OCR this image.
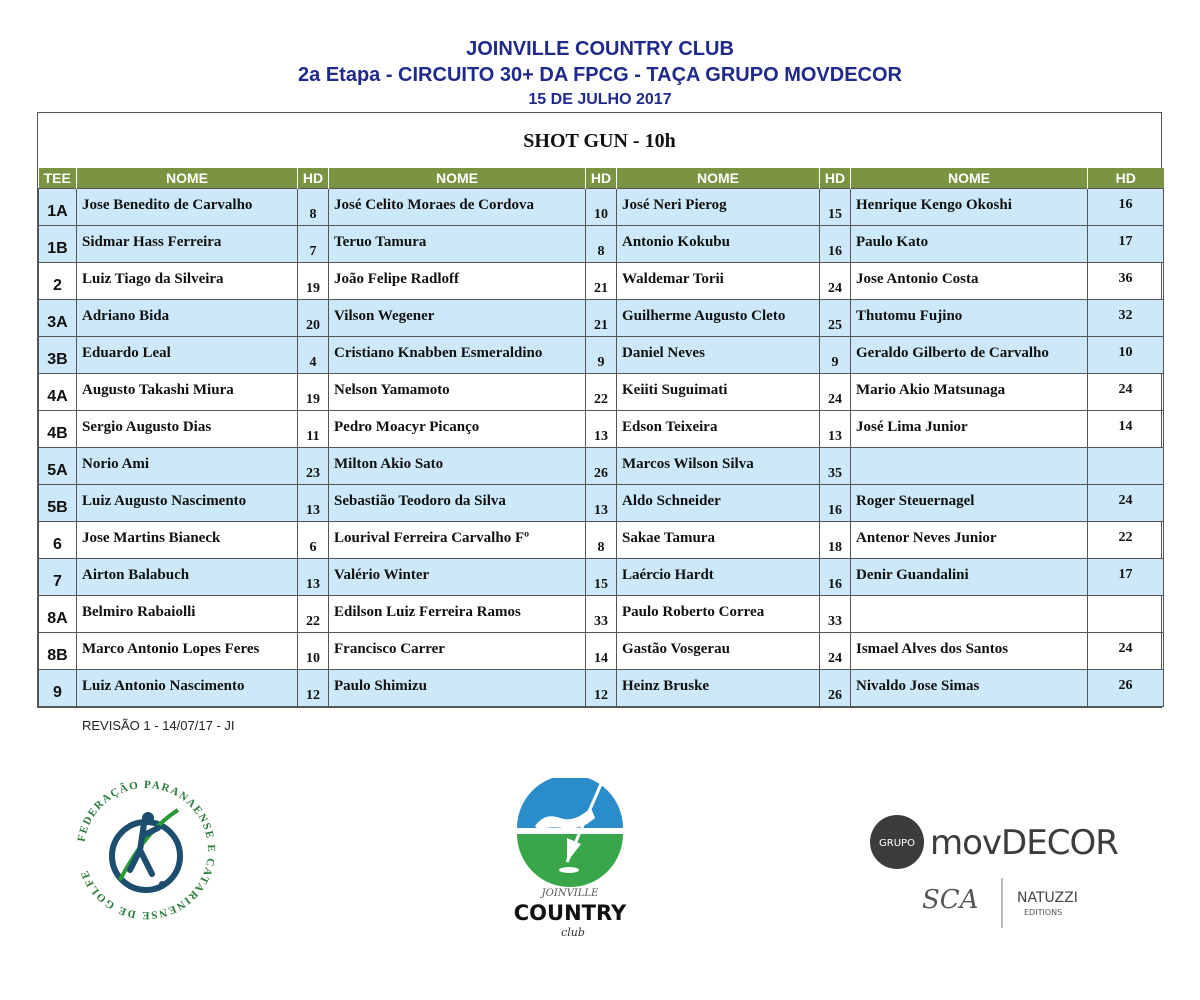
JOINVILLE COUNTRY CLUB
2a Etapa - CIRCUITO 30+ DA FPCG - TAÇA GRUPO MOVDECOR
15 DE JULHO 2017
SHOT GUN - 10h
TEE	NOME	HD	NOME	HD	NOME	HD	NOME	HD
1A	Jose Benedito de Carvalho	8	José Celito Moraes de Cordova	10	José Neri Pierog	15	Henrique Kengo Okoshi	16
1B	Sidmar Hass Ferreira	7	Teruo Tamura	8	Antonio Kokubu	16	Paulo Kato	17
2	Luiz Tiago da Silveira	19	João Felipe Radloff	21	Waldemar Torii	24	Jose Antonio Costa	36
3A	Adriano Bida	20	Vilson Wegener	21	Guilherme Augusto Cleto	25	Thutomu Fujino	32
3B	Eduardo Leal	4	Cristiano Knabben Esmeraldino	9	Daniel Neves	9	Geraldo Gilberto de Carvalho	10
4A	Augusto Takashi Miura	19	Nelson Yamamoto	22	Keiiti Suguimati	24	Mario Akio Matsunaga	24
4B	Sergio Augusto Dias	11	Pedro Moacyr Picanço	13	Edson Teixeira	13	José Lima Junior	14
5A	Norio Ami	23	Milton Akio Sato	26	Marcos Wilson Silva	35		
5B	Luiz Augusto Nascimento	13	Sebastião Teodoro da Silva	13	Aldo Schneider	16	Roger Steuernagel	24
6	Jose Martins Bianeck	6	Lourival Ferreira Carvalho Fº	8	Sakae Tamura	18	Antenor Neves Junior	22
7	Airton Balabuch	13	Valério Winter	15	Laércio Hardt	16	Denir Guandalini	17
8A	Belmiro Rabaiolli	22	Edilson Luiz Ferreira Ramos	33	Paulo Roberto Correa	33		
8B	Marco Antonio Lopes Feres	10	Francisco Carrer	14	Gastão Vosgerau	24	Ismael Alves dos Santos	24
9	Luiz Antonio Nascimento	12	Paulo Shimizu	12	Heinz Bruske	26	Nivaldo Jose Simas	26
REVISÃO 1 - 14/07/17 - JI
FEDERAÇÃO PARANAENSE E CATARINENSE DE GOLFE
JOINVILLE
COUNTRY
club
GRUPO movDECOR
SCA	NATUZZI
EDITIONS
